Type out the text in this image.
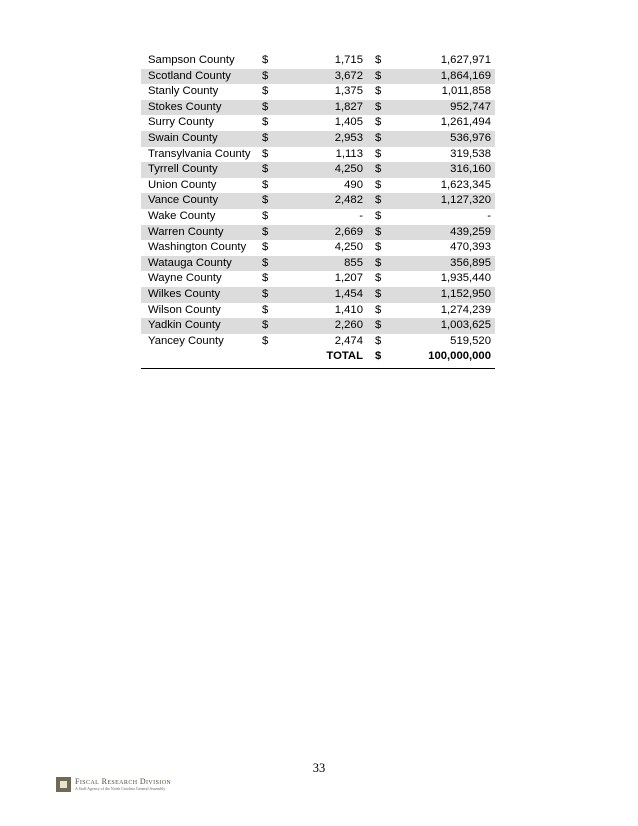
Sampson County	$	1,715	$	1,627,971
Scotland County	$	3,672	$	1,864,169
Stanly County	$	1,375	$	1,011,858
Stokes County	$	1,827	$	952,747
Surry County	$	1,405	$	1,261,494
Swain County	$	2,953	$	536,976
Transylvania County	$	1,113	$	319,538
Tyrrell County	$	4,250	$	316,160
Union County	$	490	$	1,623,345
Vance County	$	2,482	$	1,127,320
Wake County	$	-	$	-
Warren County	$	2,669	$	439,259
Washington County	$	4,250	$	470,393
Watauga County	$	855	$	356,895
Wayne County	$	1,207	$	1,935,440
Wilkes County	$	1,454	$	1,152,950
Wilson County	$	1,410	$	1,274,239
Yadkin County	$	2,260	$	1,003,625
Yancey County	$	2,474	$	519,520
		TOTAL	$	100,000,000
33
Fiscal Research Division
A Staff Agency of the North Carolina General Assembly
